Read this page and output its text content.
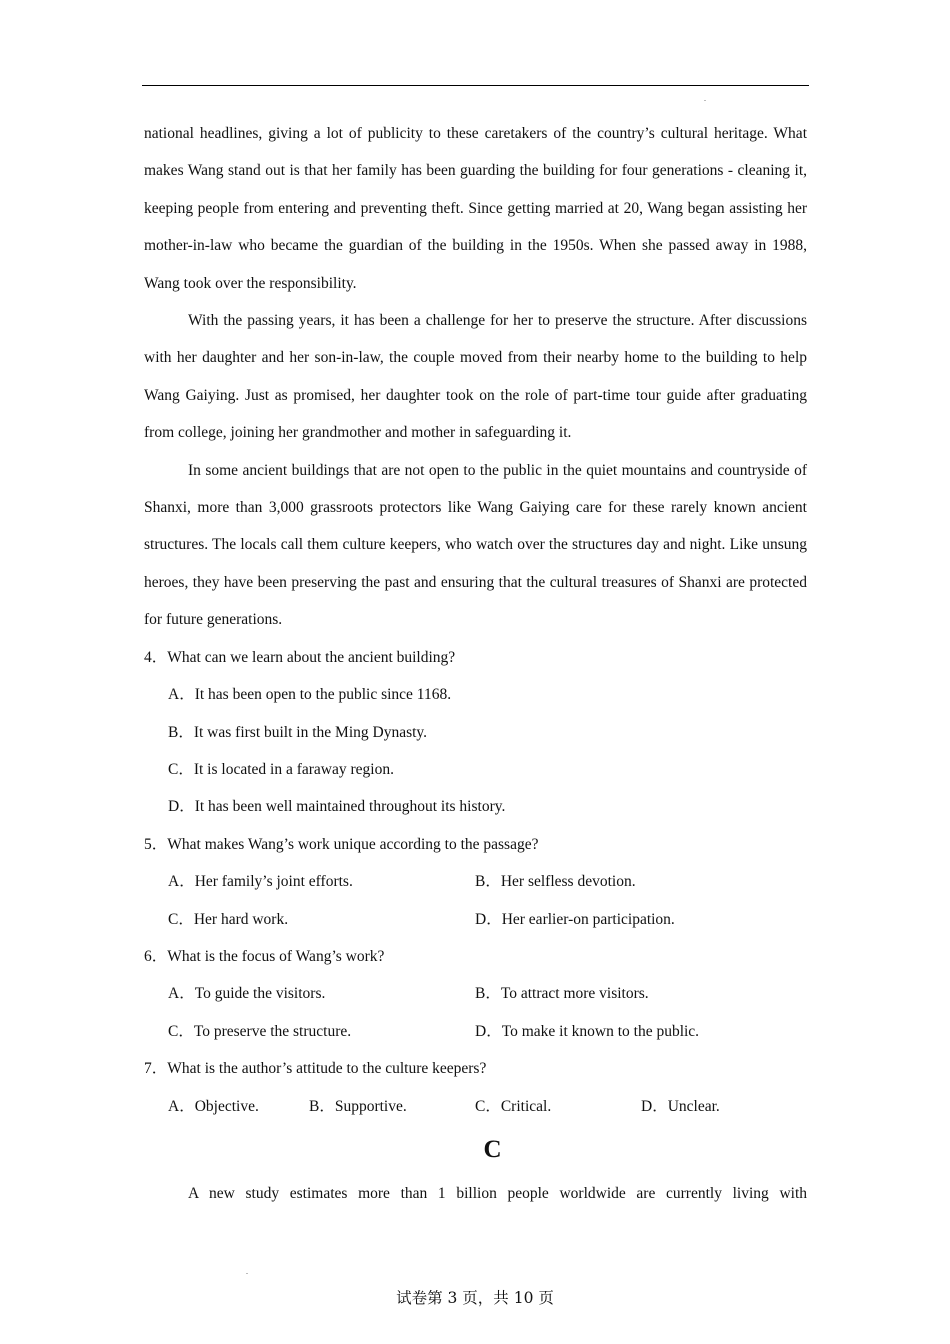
national headlines, giving a lot of publicity to these caretakers of the country’s cultural heritage. What makes Wang stand out is that her family has been guarding the building for four generations - cleaning it, keeping people from entering and preventing theft. Since getting married at 20, Wang began assisting her mother-in-law who became the guardian of the building in the 1950s. When she passed away in 1988, Wang took over the responsibility.

With the passing years, it has been a challenge for her to preserve the structure. After discussions with her daughter and her son-in-law, the couple moved from their nearby home to the building to help Wang Gaiying. Just as promised, her daughter took on the role of part-time tour guide after graduating from college, joining her grandmother and mother in safeguarding it.

In some ancient buildings that are not open to the public in the quiet mountains and countryside of Shanxi, more than 3,000 grassroots protectors like Wang Gaiying care for these rarely known ancient structures. The locals call them culture keepers, who watch over the structures day and night. Like unsung heroes, they have been preserving the past and ensuring that the cultural treasures of Shanxi are protected for future generations.

4．What can we learn about the ancient building?

A．It has been open to the public since 1168.

B．It was first built in the Ming Dynasty.

C．It is located in a faraway region.

D．It has been well maintained throughout its history.

5．What makes Wang’s work unique according to the passage?

A．Her family’s joint efforts.	B．Her selfless devotion.
C．Her hard work.	D．Her earlier-on participation.

6．What is the focus of Wang’s work?

A．To guide the visitors.	B．To attract more visitors.
C．To preserve the structure.	D．To make it known to the public.

7．What is the author’s attitude to the culture keepers?

A．Objective.	B．Supportive.	C．Critical.	D．Unclear.

C

A new study estimates more than 1 billion people worldwide are currently living with

试卷第 3 页，共 10 页
